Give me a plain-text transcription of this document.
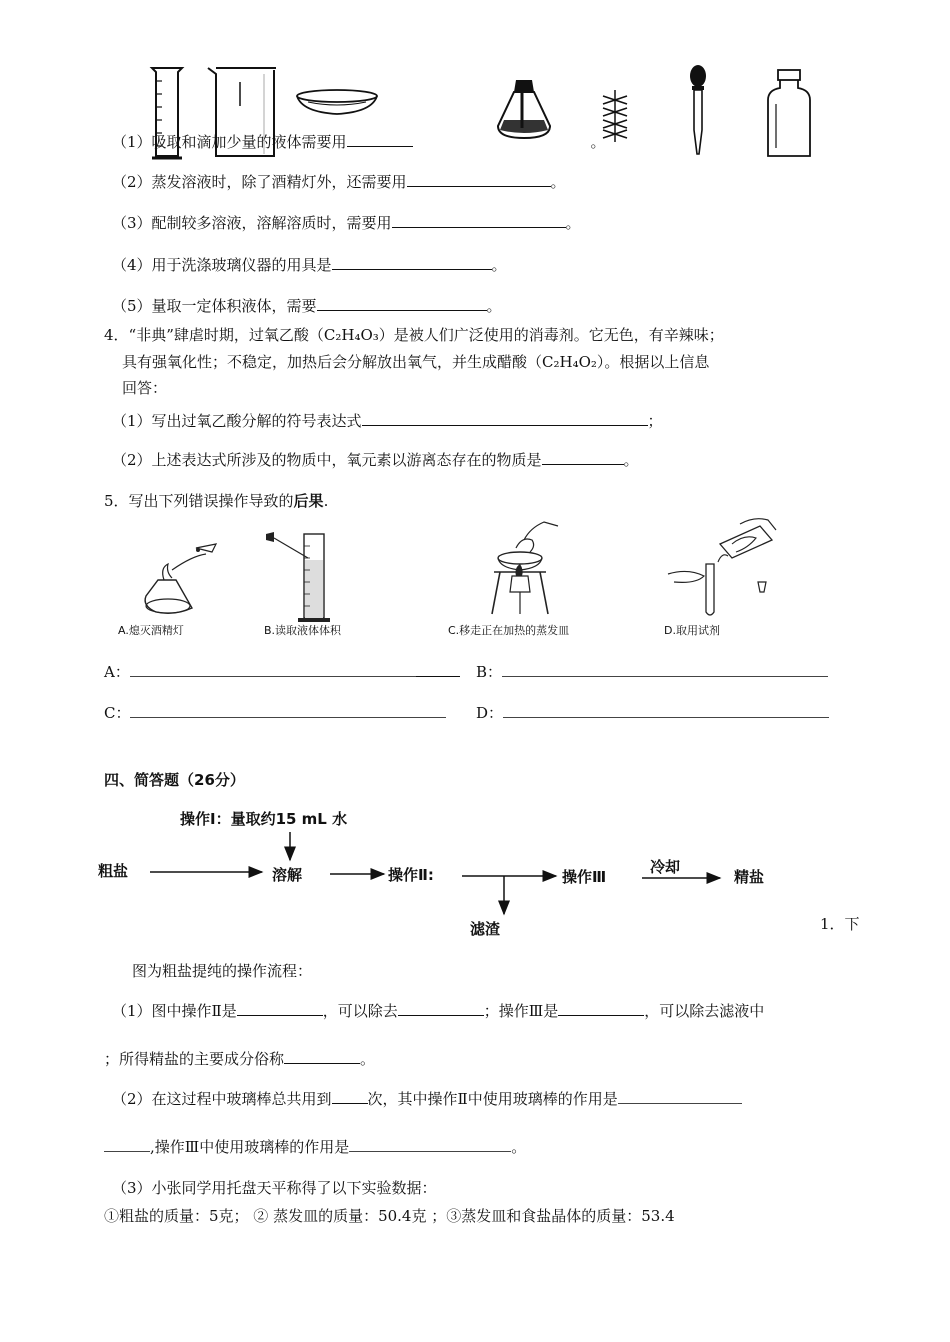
（1）吸取和滴加少量的液体需要用	。
（2）蒸发溶液时，除了酒精灯外，还需要用	。
（3）配制较多溶液，溶解溶质时，需要用	。
（4）用于洗涤玻璃仪器的用具是	。
（5）量取一定体积液体，需要	。
4．“非典”肆虐时期，过氧乙酸（C₂H₄O₃）是被人们广泛使用的消毒剂。它无色，有辛辣味；
具有强氧化性；不稳定，加热后会分解放出氧气，并生成醋酸（C₂H₄O₂）。根据以上信息
回答：
（1）写出过氧乙酸分解的符号表达式	；
（2）上述表达式所涉及的物质中，氧元素以游离态存在的物质是	。
5．写出下列错误操作导致的后果.
A.熄灭酒精灯	B.读取液体体积	C.移走正在加热的蒸发皿	D.取用试剂
A：	B：
C：	D：
四、简答题（26分）
操作Ⅰ：量取约15 mL 水
粗盐	溶解	操作Ⅱ:	操作Ⅲ
冷却
精盐
滤渣	1．下
图为粗盐提纯的操作流程：
（1）图中操作Ⅱ是	，可以除去	；操作Ⅲ是	，可以除去滤液中
；所得精盐的主要成分俗称	。
（2）在这过程中玻璃棒总共用到 次，其中操作Ⅱ中使用玻璃棒的作用是
,操作Ⅲ中使用玻璃棒的作用是	。
（3）小张同学用托盘天平称得了以下实验数据：
①粗盐的质量：5克； ② 蒸发皿的质量：50.4克 ；③蒸发皿和食盐晶体的质量：53.4
